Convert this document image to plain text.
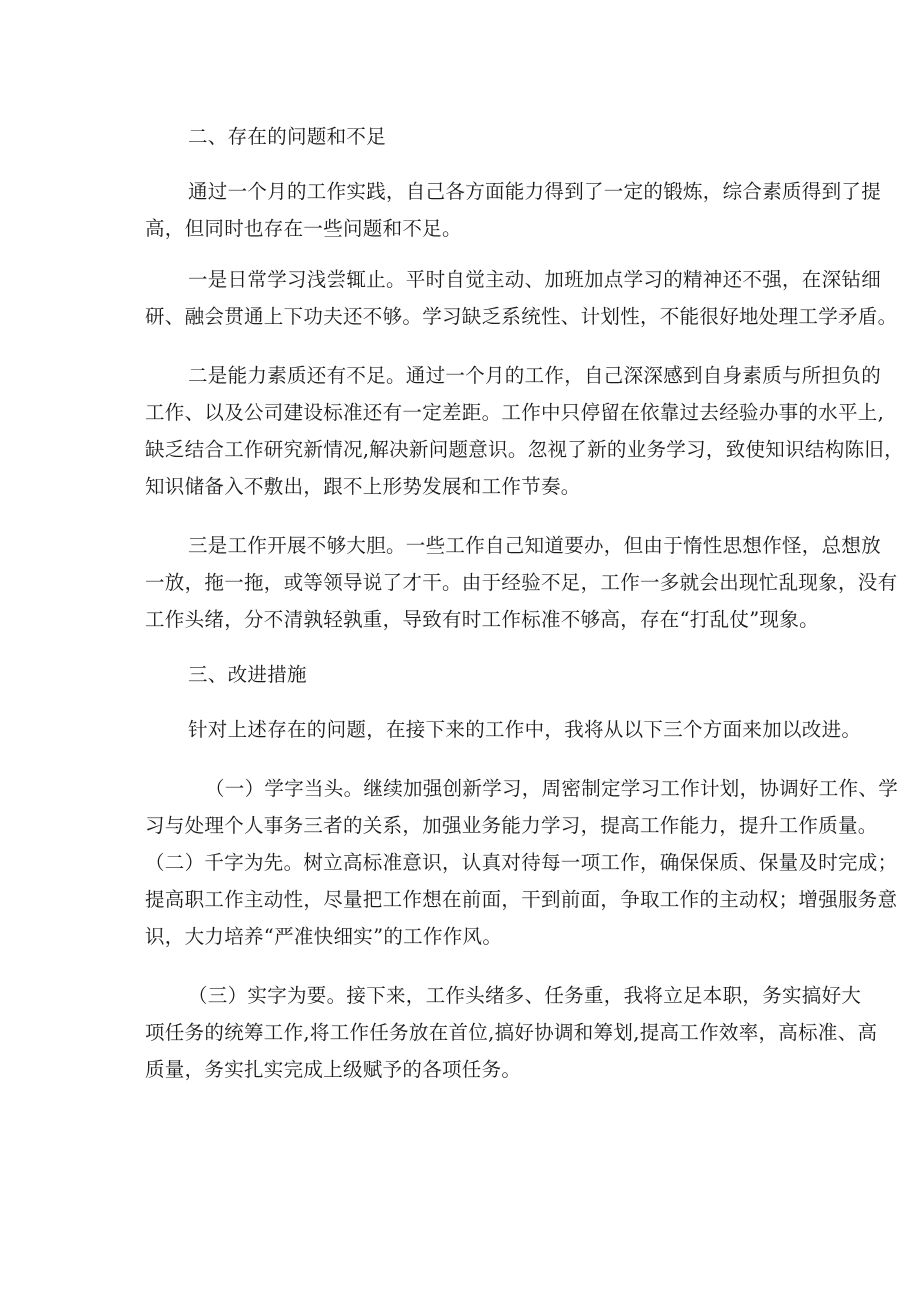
二、存在的问题和不足
通过一个月的工作实践，自己各方面能力得到了一定的锻炼，综合素质得到了提
高，但同时也存在一些问题和不足。
一是日常学习浅尝辄止。平时自觉主动、加班加点学习的精神还不强，在深钻细
研、融会贯通上下功夫还不够。学习缺乏系统性、计划性，不能很好地处理工学矛盾。
二是能力素质还有不足。通过一个月的工作，自己深深感到自身素质与所担负的
工作、以及公司建设标准还有一定差距。工作中只停留在依靠过去经验办事的水平上,
缺乏结合工作研究新情况,解决新问题意识。忽视了新的业务学习，致使知识结构陈旧，
知识储备入不敷出，跟不上形势发展和工作节奏。
三是工作开展不够大胆。一些工作自己知道要办，但由于惰性思想作怪，总想放
一放，拖一拖，或等领导说了才干。由于经验不足，工作一多就会出现忙乱现象，没有
工作头绪，分不清孰轻孰重，导致有时工作标准不够高，存在“打乱仗”现象。
三、改进措施
针对上述存在的问题，在接下来的工作中，我将从以下三个方面来加以改进。
（一）学字当头。继续加强创新学习，周密制定学习工作计划，协调好工作、学
习与处理个人事务三者的关系，加强业务能力学习，提高工作能力，提升工作质量。
（二）千字为先。树立高标准意识，认真对待每一项工作，确保保质、保量及时完成；
提高职工作主动性，尽量把工作想在前面，干到前面，争取工作的主动权；增强服务意
识，大力培养“严准快细实”的工作作风。
（三）实字为要。接下来，工作头绪多、任务重，我将立足本职，务实搞好大
项任务的统筹工作,将工作任务放在首位,搞好协调和筹划,提高工作效率，高标准、高
质量，务实扎实完成上级赋予的各项任务。
